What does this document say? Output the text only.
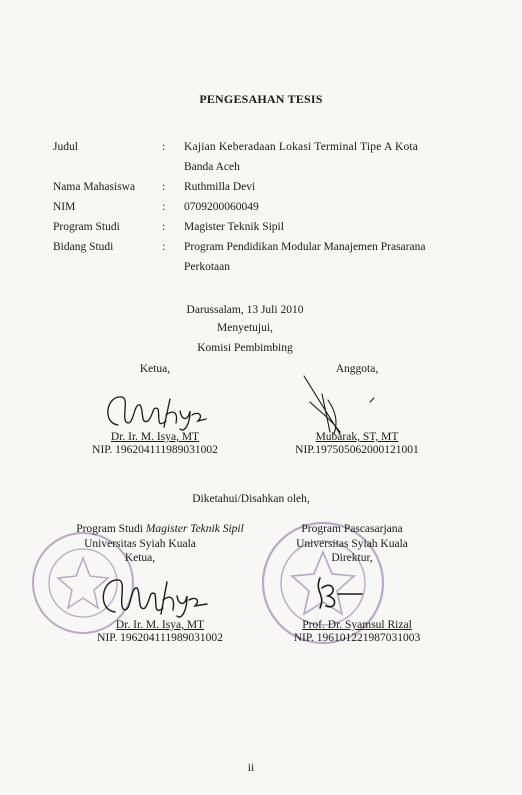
PENGESAHAN TESIS
Judul	: Kajian Keberadaan Lokasi Terminal Tipe A Kota
Banda Aceh
Nama Mahasiswa : Ruthmilla Devi
NIM	: 0709200060049
Program Studi	: Magister Teknik Sipil
Bidang Studi	: Program Pendidikan Modular Manajemen Prasarana
Perkotaan
Darussalam, 13 Juli 2010
Menyetujui,
Komisi Pembimbing
Ketua,	Anggota,
Dr. Ir. M. Isya, MT
NIP. 196204111989031002
Mubarak, ST, MT
NIP.197505062000121001
Diketahui/Disahkan oleh,
Program Studi Magister Teknik Sipil
Universitas Syiah Kuala
Ketua,
Program Pascasarjana
Universitas Syiah Kuala
Direktur,
Dr. Ir. M. Isya, MT
NIP. 196204111989031002
Prof. Dr. Syamsul Rizal
NIP. 196101221987031003
ii
